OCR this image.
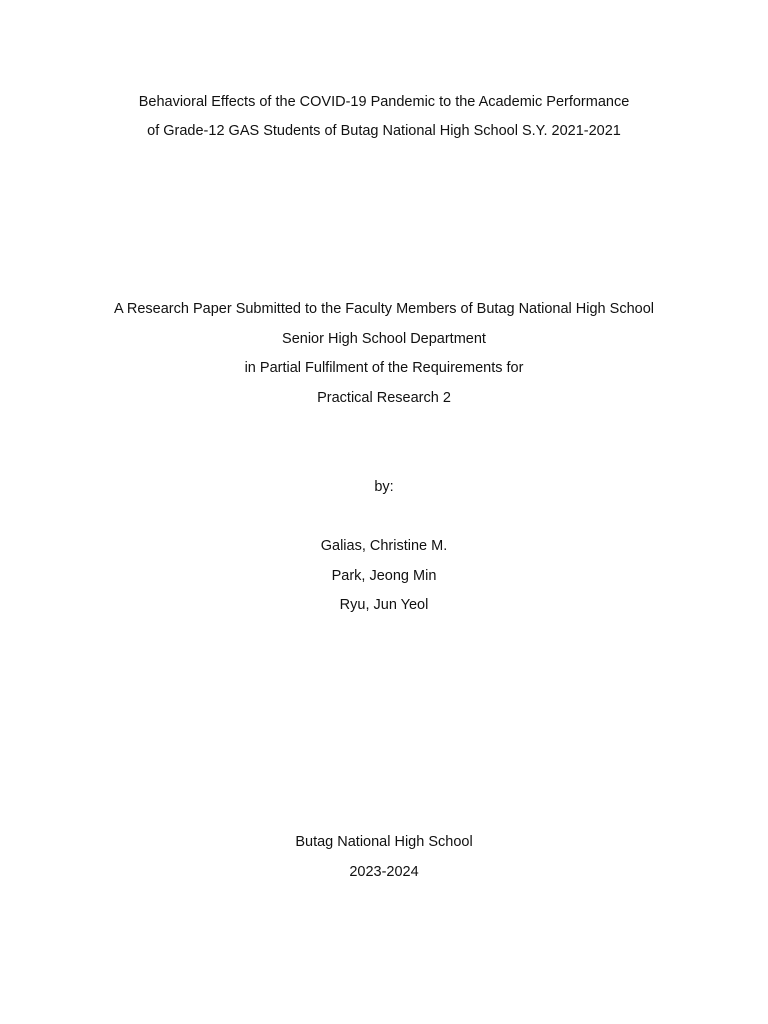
Behavioral Effects of the COVID-19 Pandemic to the Academic Performance
of Grade-12 GAS Students of Butag National High School S.Y. 2021-2021
A Research Paper Submitted to the Faculty Members of Butag National High School
Senior High School Department
in Partial Fulfilment of the Requirements for
Practical Research 2
by:
Galias, Christine M.
Park, Jeong Min
Ryu, Jun Yeol
Butag National High School
2023-2024
